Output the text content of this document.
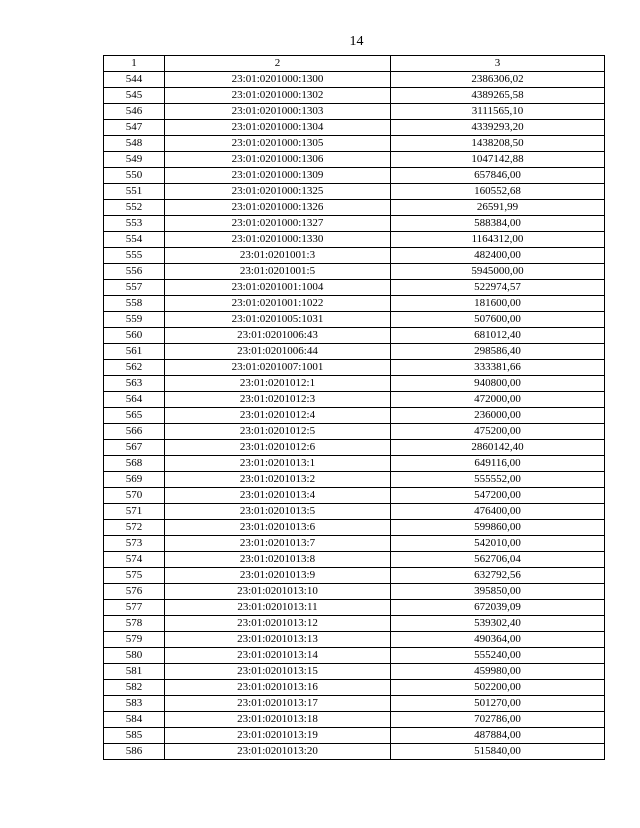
14
1	2	3
544	23:01:0201000:1300	2386306,02
545	23:01:0201000:1302	4389265,58
546	23:01:0201000:1303	3111565,10
547	23:01:0201000:1304	4339293,20
548	23:01:0201000:1305	1438208,50
549	23:01:0201000:1306	1047142,88
550	23:01:0201000:1309	657846,00
551	23:01:0201000:1325	160552,68
552	23:01:0201000:1326	26591,99
553	23:01:0201000:1327	588384,00
554	23:01:0201000:1330	1164312,00
555	23:01:0201001:3	482400,00
556	23:01:0201001:5	5945000,00
557	23:01:0201001:1004	522974,57
558	23:01:0201001:1022	181600,00
559	23:01:0201005:1031	507600,00
560	23:01:0201006:43	681012,40
561	23:01:0201006:44	298586,40
562	23:01:0201007:1001	333381,66
563	23:01:0201012:1	940800,00
564	23:01:0201012:3	472000,00
565	23:01:0201012:4	236000,00
566	23:01:0201012:5	475200,00
567	23:01:0201012:6	2860142,40
568	23:01:0201013:1	649116,00
569	23:01:0201013:2	555552,00
570	23:01:0201013:4	547200,00
571	23:01:0201013:5	476400,00
572	23:01:0201013:6	599860,00
573	23:01:0201013:7	542010,00
574	23:01:0201013:8	562706,04
575	23:01:0201013:9	632792,56
576	23:01:0201013:10	395850,00
577	23:01:0201013:11	672039,09
578	23:01:0201013:12	539302,40
579	23:01:0201013:13	490364,00
580	23:01:0201013:14	555240,00
581	23:01:0201013:15	459980,00
582	23:01:0201013:16	502200,00
583	23:01:0201013:17	501270,00
584	23:01:0201013:18	702786,00
585	23:01:0201013:19	487884,00
586	23:01:0201013:20	515840,00
